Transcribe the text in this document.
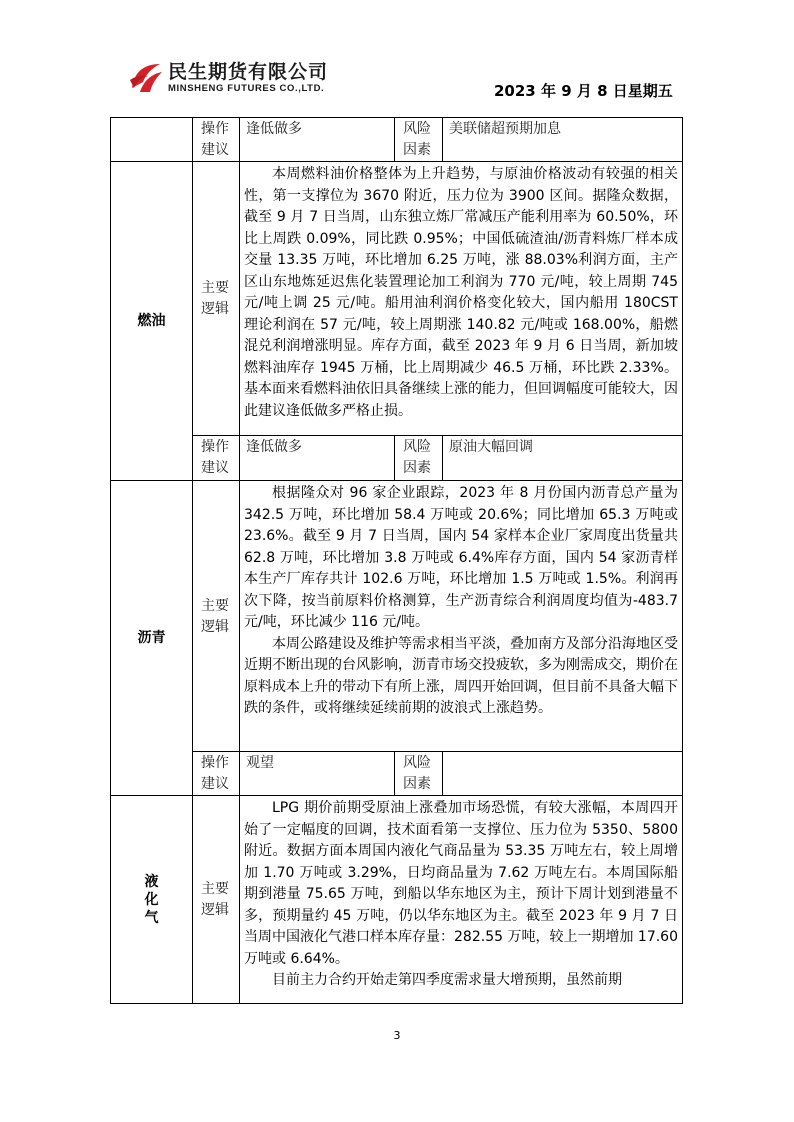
民生期货有限公司
MINSHENG FUTURES CO.,LTD.	2023 年 9 月 8 日星期五
	操作建议	逢低做多	风险因素	美联储超预期加息
燃油	主要逻辑	本周燃料油价格整体为上升趋势，与原油价格波动有较强的相关性，第一支撑位为 3670 附近，压力位为 3900 区间。据隆众数据，截至 9 月 7 日当周，山东独立炼厂常减压产能利用率为 60.50%，环比上周跌 0.09%，同比跌 0.95%；中国低硫渣油/沥青料炼厂样本成交量 13.35 万吨，环比增加 6.25 万吨，涨 88.03%利润方面，主产区山东地炼延迟焦化装置理论加工利润为 770 元/吨，较上周期 745 元/吨上调 25 元/吨。船用油利润价格变化较大，国内船用 180CST 理论利润在 57 元/吨，较上周期涨 140.82 元/吨或 168.00%，船燃混兑利润增涨明显。库存方面，截至 2023 年 9 月 6 日当周，新加坡燃料油库存 1945 万桶，比上周期减少 46.5 万桶，环比跌 2.33%。基本面来看燃料油依旧具备继续上涨的能力，但回调幅度可能较大，因此建议逢低做多严格止损。		

	操作建议	逢低做多	风险因素	原油大幅回调
沥青	主要逻辑	根据隆众对 96 家企业跟踪，2023 年 8 月份国内沥青总产量为 342.5 万吨，环比增加 58.4 万吨或 20.6%；同比增加 65.3 万吨或 23.6%。截至 9 月 7 日当周，国内 54 家样本企业厂家周度出货量共 62.8 万吨，环比增加 3.8 万吨或 6.4%库存方面，国内 54 家沥青样本生产厂库存共计 102.6 万吨，环比增加 1.5 万吨或 1.5%。利润再次下降，按当前原料价格测算，生产沥青综合利润周度均值为-483.7 元/吨，环比减少 116 元/吨。

本周公路建设及维护等需求相当平淡，叠加南方及部分沿海地区受近期不断出现的台风影响，沥青市场交投疲软，多为刚需成交，期价在原料成本上升的带动下有所上涨，周四开始回调，但目前不具备大幅下跌的条件，或将继续延续前期的波浪式上涨趋势。		

	操作建议	观望	风险因素	
液化气	主要逻辑	LPG 期价前期受原油上涨叠加市场恐慌，有较大涨幅，本周四开始了一定幅度的回调，技术面看第一支撑位、压力位为 5350、5800 附近。数据方面本周国内液化气商品量为 53.35 万吨左右，较上周增加 1.70 万吨或 3.29%，日均商品量为 7.62 万吨左右。本周国际船期到港量 75.65 万吨，到船以华东地区为主，预计下周计划到港量不多，预期量约 45 万吨，仍以华东地区为主。截至 2023 年 9 月 7 日当周中国液化气港口样本库存量：282.55 万吨，较上一期增加 17.60 万吨或 6.64%。

目前主力合约开始走第四季度需求量大增预期，虽然前期		

3
